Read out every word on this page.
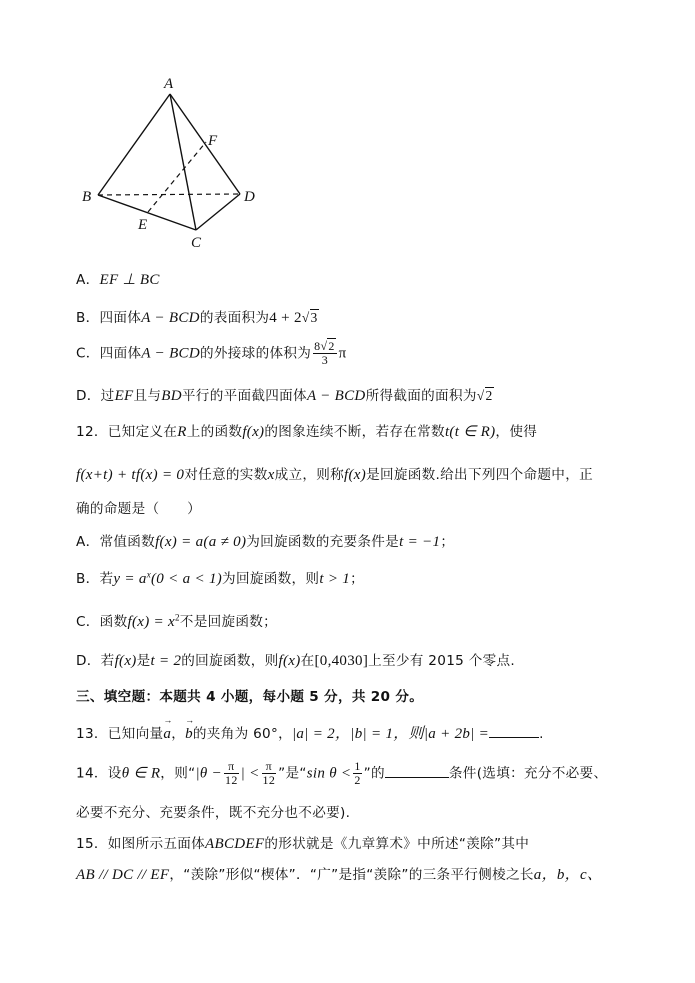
A
B
C
D
E
F
A．EF ⊥ BC
B．四面体A − BCD的表面积为4 + 2√3
C．四面体A − BCD的外接球的体积为 $\frac{8√2}{3}$ π
D．过EF且与BD平行的平面截四面体A − BCD所得截面的面积为√2
12．已知定义在R上的函数f(x)的图象连续不断，若存在常数t(t ∈ R)，使得
f(x+t) + tf(x) = 0对任意的实数x成立，则称f(x)是回旋函数.给出下列四个命题中，正
确的命题是（　　）
A．常值函数f(x) = a(a ≠ 0)为回旋函数的充要条件是t = −1；
B．若$y = a^x(0 < a < 1)$为回旋函数，则t > 1；
C．函数$f(x) = x^2$不是回旋函数；
D．若f(x)是t = 2的回旋函数，则f(x)在[0,4030]上至少有 2015 个零点.
三、填空题：本题共 4 小题，每小题 5 分，共 20 分。
13．已知向量→ a，→ b的夹角为 60°，|a| = 2，|b| = 1，则|a + 2b| =	.
14．设θ ∈ R，则“$|\theta - \frac{\pi}{12}$ | < $\frac{\pi}{12}$ ”是“sin $\theta < \frac{1}{2}$ ”的	条件(选填：充分不必要、
必要不充分、充要条件，既不充分也不必要).
15．如图所示五面体ABCDEF的形状就是《九章算术》中所述“羡除”其中
AB // DC // EF，“羡除”形似“楔体”．“广”是指“羡除”的三条平行侧棱之长a，b，c、
